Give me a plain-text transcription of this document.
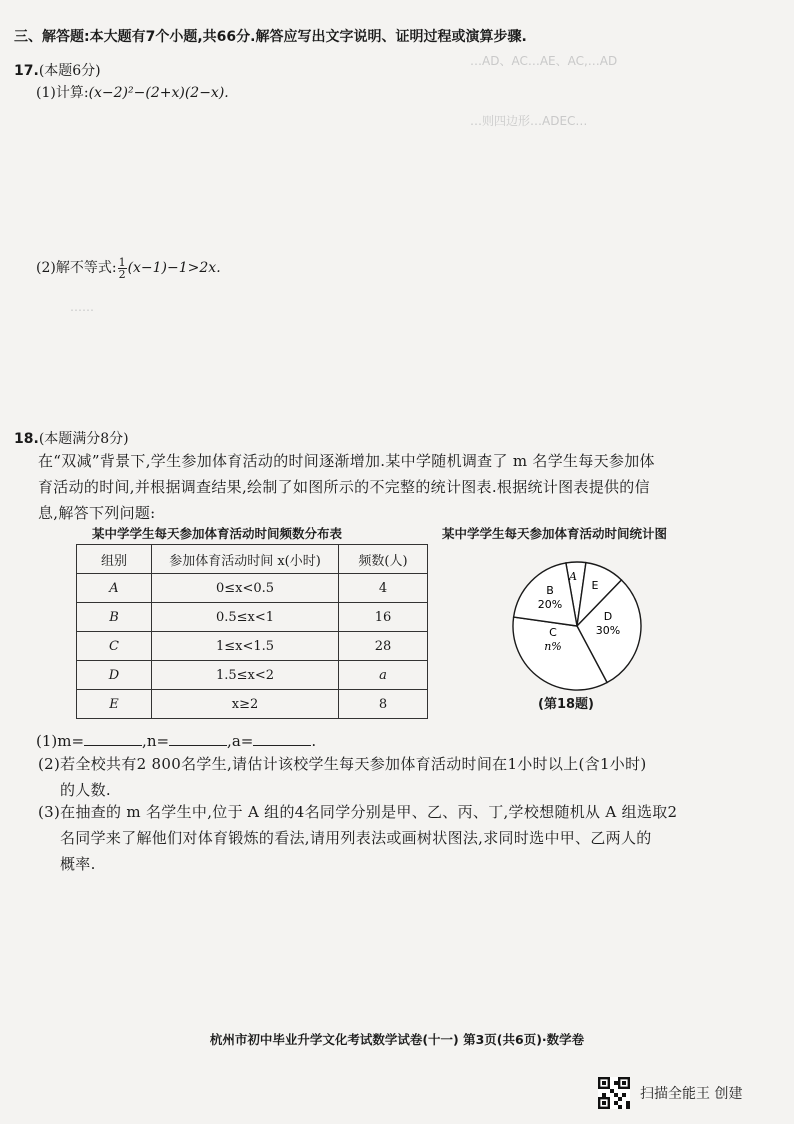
…AD、AC…AE、AC,…AD
…则四边形…ADEC…
……
三、解答题:本大题有7个小题,共66分.解答应写出文字说明、证明过程或演算步骤.
17.(本题6分)
(1)计算:(x−2)²−(2+x)(2−x).
(2)解不等式: $\frac{1}{2} (x-1)-1>2x$.
18.(本题满分8分)
在“双减”背景下,学生参加体育活动的时间逐渐增加.某中学随机调查了 m 名学生每天参加体
育活动的时间,并根据调查结果,绘制了如图所示的不完整的统计图表.根据统计图表提供的信
息,解答下列问题:
某中学学生每天参加体育活动时间频数分布表	某中学学生每天参加体育活动时间统计图
组别	参加体育活动时间 x(小时)	频数(人)
A	0≤x<0.5	4
B	0.5≤x<1	16
C	1≤x<1.5	28
D	1.5≤x<2	a
E	x≥2	8
A
B
20%
C
n%
D
30%
E
(第18题)
(1)m=	,n=	,a=	.
(2)若全校共有2 800名学生,请估计该校学生每天参加体育活动时间在1小时以上(含1小时)
的人数.
(3)在抽查的 m 名学生中,位于 A 组的4名同学分别是甲、乙、丙、丁,学校想随机从 A 组选取2
名同学来了解他们对体育锻炼的看法,请用列表法或画树状图法,求同时选中甲、乙两人的
概率.
杭州市初中毕业升学文化考试数学试卷(十一) 第3页(共6页)·数学卷
扫描全能王 创建
